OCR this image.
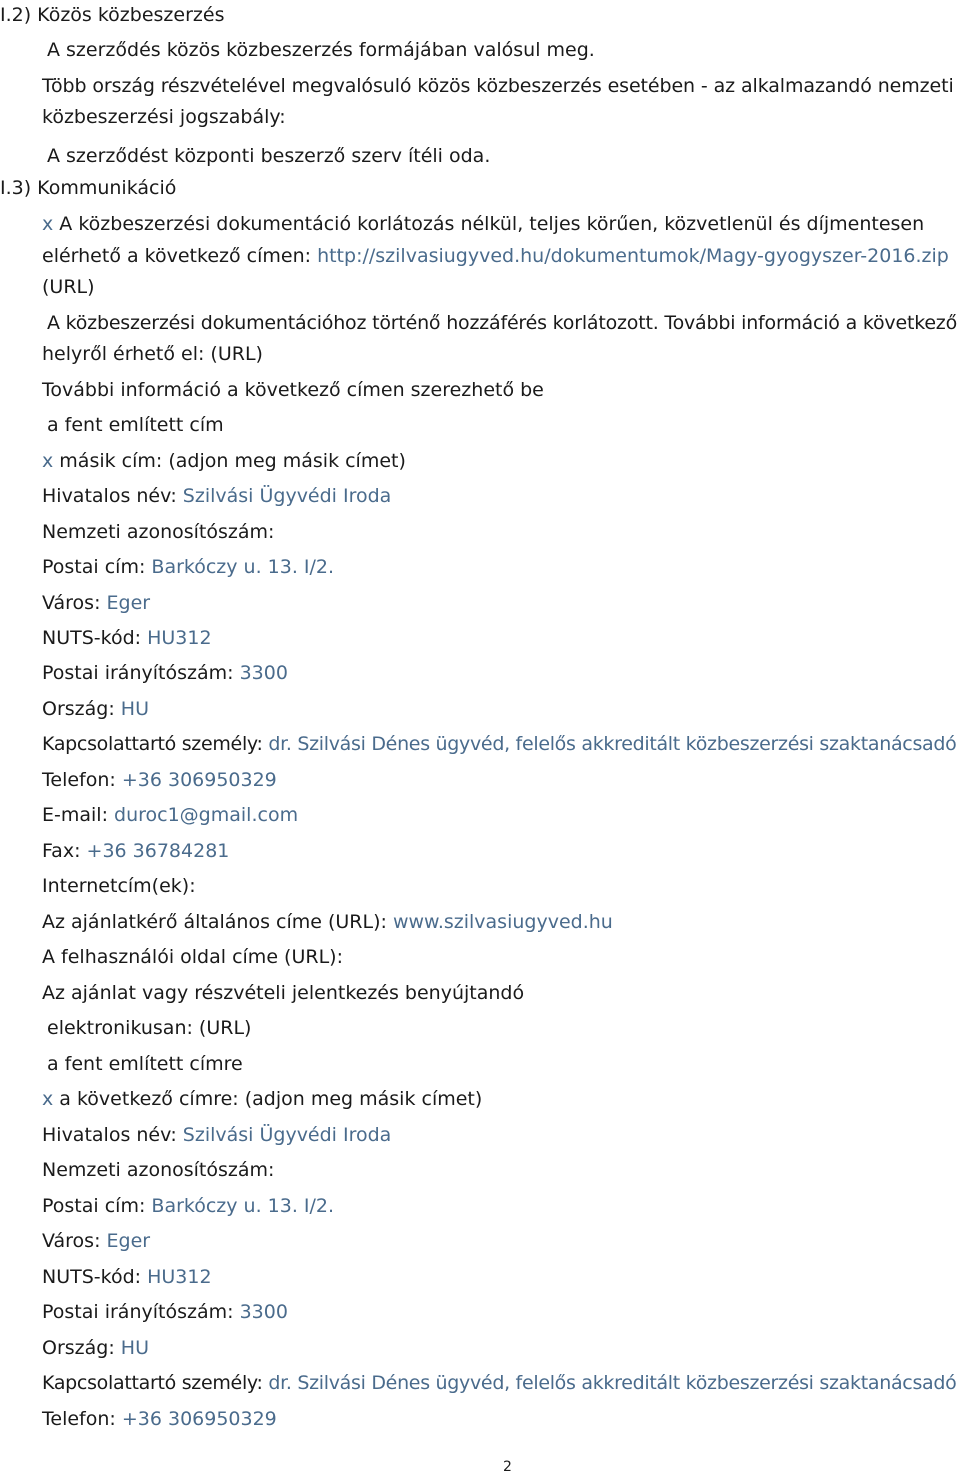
I.2) Közös közbeszerzés
A szerződés közös közbeszerzés formájában valósul meg.
Több ország részvételével megvalósuló közös közbeszerzés esetében - az alkalmazandó nemzeti
közbeszerzési jogszabály:
A szerződést központi beszerző szerv ítéli oda.
I.3) Kommunikáció
x A közbeszerzési dokumentáció korlátozás nélkül, teljes körűen, közvetlenül és díjmentesen
elérhető a következő címen: http://szilvasiugyved.hu/dokumentumok/Magy-gyogyszer-2016.zip
(URL)
A közbeszerzési dokumentációhoz történő hozzáférés korlátozott. További információ a következő
helyről érhető el: (URL)
További információ a következő címen szerezhető be
a fent említett cím
x másik cím: (adjon meg másik címet)
Hivatalos név: Szilvási Ügyvédi Iroda
Nemzeti azonosítószám:
Postai cím: Barkóczy u. 13. I/2.
Város: Eger
NUTS-kód: HU312
Postai irányítószám: 3300
Ország: HU
Kapcsolattartó személy: dr. Szilvási Dénes ügyvéd, felelős akkreditált közbeszerzési szaktanácsadó
Telefon: +36 306950329
E-mail: duroc1@gmail.com
Fax: +36 36784281
Internetcím(ek):
Az ajánlatkérő általános címe (URL): www.szilvasiugyved.hu
A felhasználói oldal címe (URL):
Az ajánlat vagy részvételi jelentkezés benyújtandó
elektronikusan: (URL)
a fent említett címre
x a következő címre: (adjon meg másik címet)
Hivatalos név: Szilvási Ügyvédi Iroda
Nemzeti azonosítószám:
Postai cím: Barkóczy u. 13. I/2.
Város: Eger
NUTS-kód: HU312
Postai irányítószám: 3300
Ország: HU
Kapcsolattartó személy: dr. Szilvási Dénes ügyvéd, felelős akkreditált közbeszerzési szaktanácsadó
Telefon: +36 306950329
2
